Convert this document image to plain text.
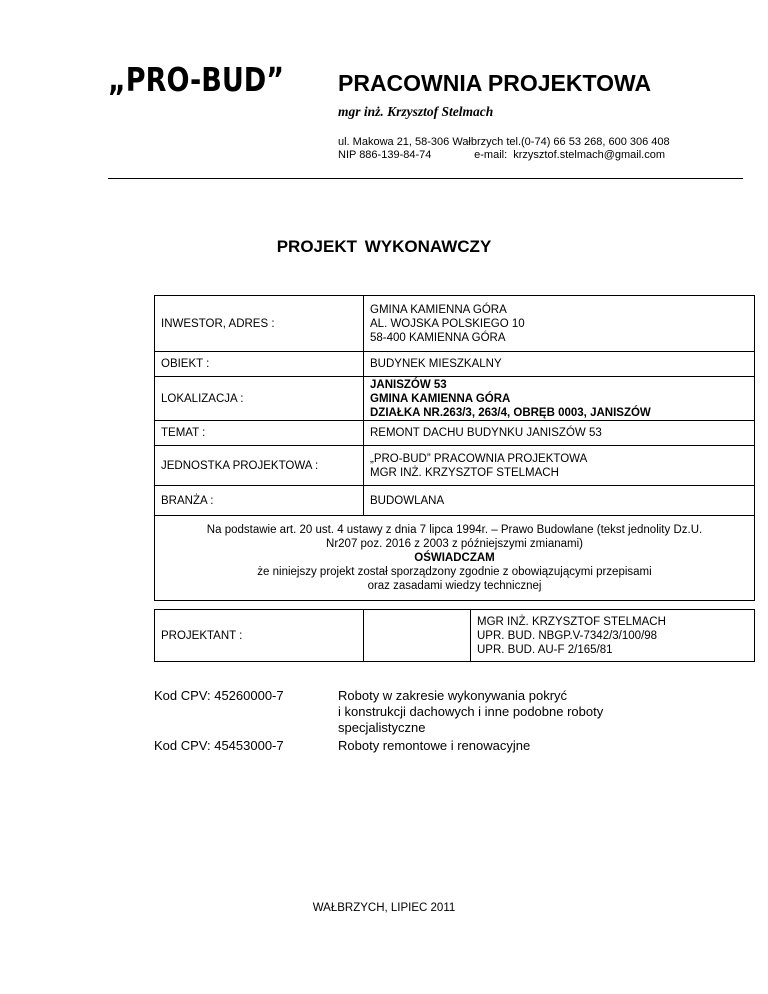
„PRO-BUD” PRACOWNIA PROJEKTOWA
mgr inż. Krzysztof Stelmach
ul. Makowa 21, 58-306 Wałbrzych tel.(0-74) 66 53 268, 600 306 408
NIP 886-139-84-74              e-mail:  krzysztof.stelmach@gmail.com
PROJEKT WYKONAWCZY
INWESTOR, ADRES :	GMINA KAMIENNA GÓRA
AL. WOJSKA POLSKIEGO 10
58-400 KAMIENNA GÓRA

OBIEKT :	BUDYNEK MIESZKALNY
LOKALIZACJA :	JANISZÓW 53
GMINA KAMIENNA GÓRA
DZIAŁKA NR.263/3, 263/4, OBRĘB 0003, JANISZÓW

TEMAT :	REMONT DACHU BUDYNKU JANISZÓW 53
JEDNOSTKA PROJEKTOWA :	„PRO-BUD” PRACOWNIA PROJEKTOWA
MGR INŻ. KRZYSZTOF STELMACH

BRANŻA :	BUDOWLANA

Na podstawie art. 20 ust. 4 ustawy z dnia 7 lipca 1994r. – Prawo Budowlane (tekst jednolity Dz.U.
Nr207 poz. 2016 z 2003 z późniejszymi zmianami)
OŚWIADCZAM
że niniejszy projekt został sporządzony zgodnie z obowiązującymi przepisami
oraz zasadami wiedzy technicznej	
PROJEKTANT :		
MGR INŻ. KRZYSZTOF STELMACH
UPR. BUD. NBGP.V-7342/3/100/98
UPR. BUD. AU-F 2/165/81
Kod CPV: 45260000-7	Roboty w zakresie wykonywania pokryć
i konstrukcji dachowych i inne podobne roboty
specjalistyczne
Kod CPV: 45453000-7	Roboty remontowe i renowacyjne
WAŁBRZYCH, LIPIEC 2011
